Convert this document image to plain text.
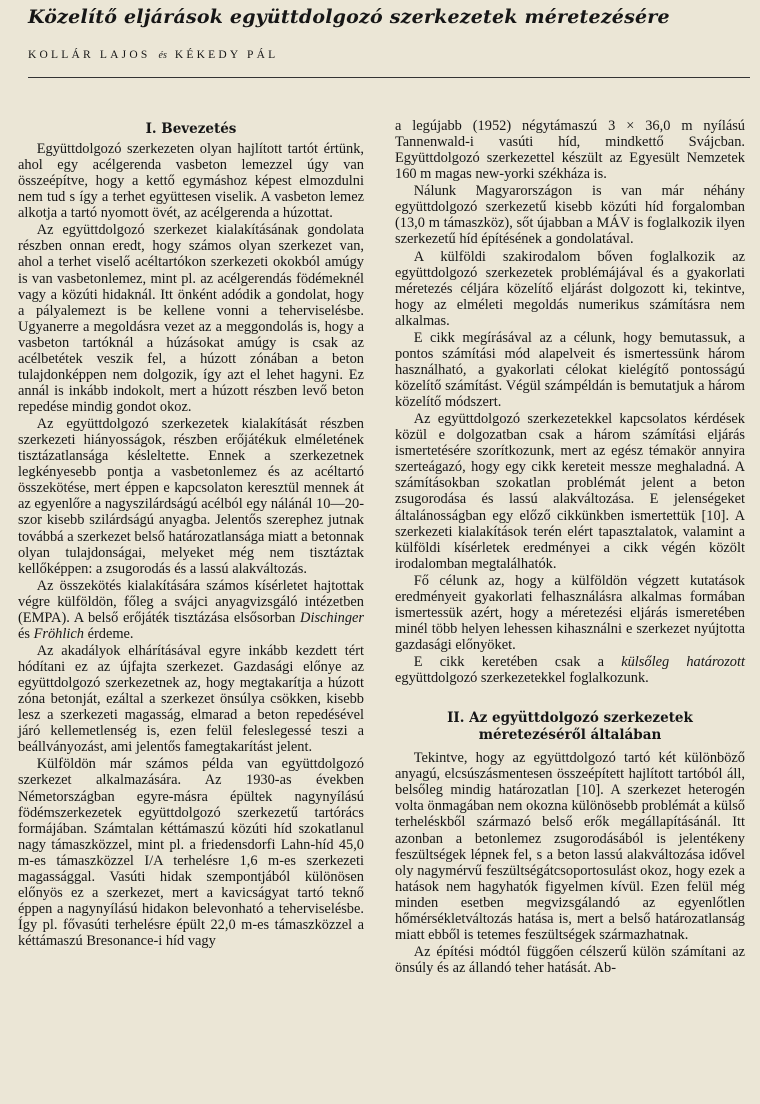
Közelítő eljárások együttdolgozó szerkezetek méretezésére
KOLLÁR LAJOS és KÉKEDY PÁL
I. Bevezetés

Együttdolgozó szerkezeten olyan hajlított tartót értünk, ahol egy acélgerenda vasbeton lemezzel úgy van összeépítve, hogy a kettő egymáshoz képest elmozdulni nem tud s így a terhet együttesen viselik. A vasbeton lemez alkotja a tartó nyomott övét, az acélgerenda a húzottat.

Az együttdolgozó szerkezet kialakításának gondolata részben onnan eredt, hogy számos olyan szerkezet van, ahol a terhet viselő acéltartókon szerkezeti okokból amúgy is van vasbetonlemez, mint pl. az acélgerendás födémeknél vagy a közúti hidaknál. Itt önként adódik a gondolat, hogy a pályalemezt is be kellene vonni a teherviselésbe. Ugyanerre a megoldásra vezet az a meggondolás is, hogy a vasbeton tartóknál a húzásokat amúgy is csak az acélbetétek veszik fel, a húzott zónában a beton tulajdonképpen nem dolgozik, így azt el lehet hagyni. Ez annál is inkább indokolt, mert a húzott részben levő beton repedése mindig gondot okoz.

Az együttdolgozó szerkezetek kialakítását részben szerkezeti hiányosságok, részben erőjátékuk elméletének tisztázatlansága késleltette. Ennek a szerkezetnek legkényesebb pontja a vasbetonlemez és az acéltartó összekötése, mert éppen e kapcsolaton keresztül mennek át az egyenlőre a nagyszilárdságú acélból egy nálánál 10—20-szor kisebb szilárdságú anyagba. Jelentős szerephez jutnak továbbá a szerkezet belső határozatlansága miatt a betonnak olyan tulajdonságai, melyeket még nem tisztáztak kellőképpen: a zsugorodás és a lassú alakváltozás.

Az összekötés kialakítására számos kísérletet hajtottak végre külföldön, főleg a svájci anyagvizsgáló intézetben (EMPA). A belső erőjáték tisztázása elsősorban Dischinger és Fröhlich érdeme.

Az akadályok elhárításával egyre inkább kezdett tért hódítani ez az újfajta szerkezet. Gazdasági előnye az együttdolgozó szerkezetnek az, hogy megtakarítja a húzott zóna betonját, ezáltal a szerkezet önsúlya csökken, kisebb lesz a szerkezeti magasság, elmarad a beton repedésével járó kellemetlenség is, ezen felül feleslegessé teszi a beállványozást, ami jelentős famegtakarítást jelent.

Külföldön már számos példa van együttdolgozó szerkezet alkalmazására. Az 1930-as években Németországban egyre-másra épültek nagynyílású födémszerkezetek együttdolgozó szerkezetű tartórács formájában. Számtalan kéttámaszú közúti híd szokatlanul nagy támaszközzel, mint pl. a friedensdorfi Lahn-híd 45,0 m-es támaszközzel I/A terhelésre 1,6 m-es szerkezeti magassággal. Vasúti hidak szempontjából különösen előnyös ez a szerkezet, mert a kavicságyat tartó teknő éppen a nagynyílású hidakon belevonható a teherviselésbe. Így pl. fővasúti terhelésre épült 22,0 m-es támaszközzel a kéttámaszú Bresonance-i híd vagy

a legújabb (1952) négytámaszú 3 × 36,0 m nyílású Tannenwald-i vasúti híd, mindkettő Svájcban. Együttdolgozó szerkezettel készült az Egyesült Nemzetek 160 m magas new-yorki székháza is.

Nálunk Magyarországon is van már néhány együttdolgozó szerkezetű kisebb közúti híd forgalomban (13,0 m támaszköz), sőt újabban a MÁV is foglalkozik ilyen szerkezetű híd építésének a gondolatával.

A külföldi szakirodalom bőven foglalkozik az együttdolgozó szerkezetek problémájával és a gyakorlati méretezés céljára közelítő eljárást dolgozott ki, tekintve, hogy az elméleti megoldás numerikus számításra nem alkalmas.

E cikk megírásával az a célunk, hogy bemutassuk, a pontos számítási mód alapelveit és ismertessünk három használható, a gyakorlati célokat kielégítő pontosságú közelítő számítást. Végül számpéldán is bemutatjuk a három közelítő módszert.

Az együttdolgozó szerkezetekkel kapcsolatos kérdések közül e dolgozatban csak a három számítási eljárás ismertetésére szorítkozunk, mert az egész témakör annyira szerteágazó, hogy egy cikk kereteit messze meghaladná. A számításokban szokatlan problémát jelent a beton zsugorodása és lassú alakváltozása. E jelenségeket általánosságban egy előző cikkünkben ismertettük [10]. A szerkezeti kialakítások terén elért tapasztalatok, valamint a külföldi kísérletek eredményei a cikk végén közölt irodalomban megtalálhatók.

Fő célunk az, hogy a külföldön végzett kutatások eredményeit gyakorlati felhasználásra alkalmas formában ismertessük azért, hogy a méretezési eljárás ismeretében minél több helyen lehessen kihasználni e szerkezet nyújtotta gazdasági előnyöket.

E cikk keretében csak a külsőleg határozott együttdolgozó szerkezetekkel foglalkozunk.

II. Az együttdolgozó szerkezetek
méretezéséről általában

Tekintve, hogy az együttdolgozó tartó két különböző anyagú, elcsúszásmentesen összeépített hajlított tartóból áll, belsőleg mindig határozatlan [10]. A szerkezet heterogén volta önmagában nem okozna különösebb problémát a külső terheléskből származó belső erők megállapításánál. Itt azonban a betonlemez zsugorodásából is jelentékeny feszültségek lépnek fel, s a beton lassú alakváltozása idővel oly nagymérvű feszültségátcsoportosulást okoz, hogy ezek a hatások nem hagyhatók figyelmen kívül. Ezen felül még minden esetben megvizsgálandó az egyenlőtlen hőmérsékletváltozás hatása is, mert a belső határozatlanság miatt ebből is tetemes feszültségek származhatnak.

Az építési módtól függően célszerű külön számítani az önsúly és az állandó teher hatását. Ab-
